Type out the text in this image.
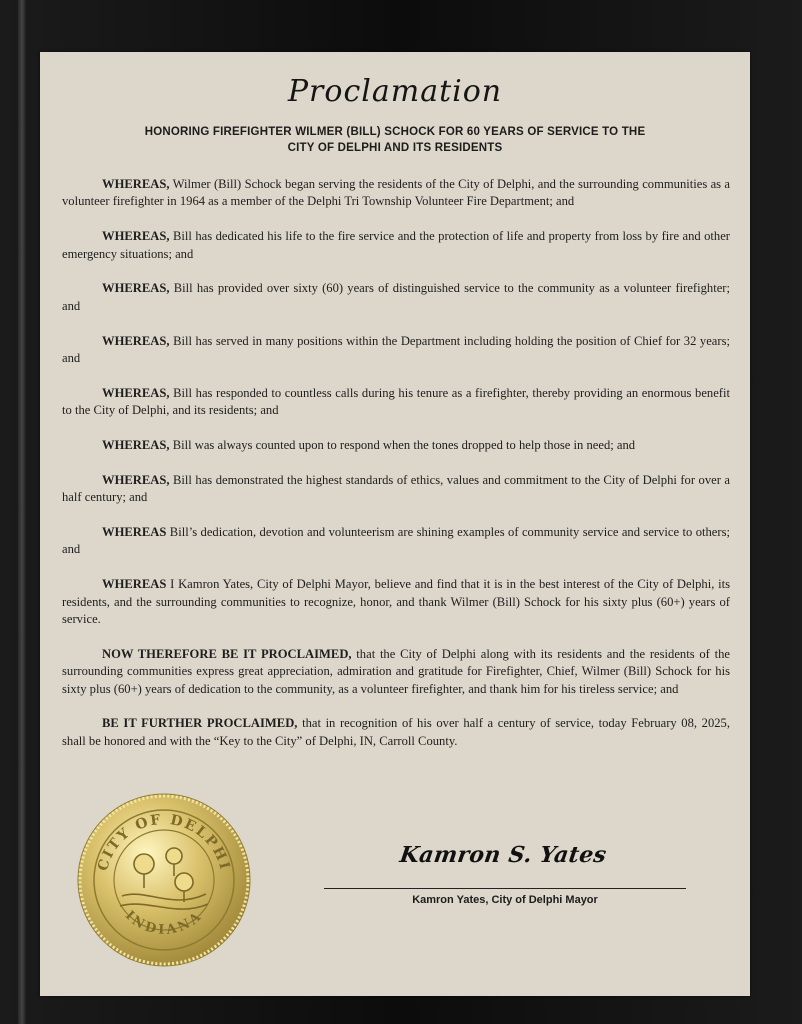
Proclamation
HONORING FIREFIGHTER WILMER (BILL) SCHOCK FOR 60 YEARS OF SERVICE TO THE
CITY OF DELPHI AND ITS RESIDENTS

WHEREAS, Wilmer (Bill) Schock began serving the residents of the City of Delphi, and the surrounding communities as a volunteer firefighter in 1964 as a member of the Delphi Tri Township Volunteer Fire Department; and

WHEREAS, Bill has dedicated his life to the fire service and the protection of life and property from loss by fire and other emergency situations; and

WHEREAS, Bill has provided over sixty (60) years of distinguished service to the community as a volunteer firefighter; and

WHEREAS, Bill has served in many positions within the Department including holding the position of Chief for 32 years; and

WHEREAS, Bill has responded to countless calls during his tenure as a firefighter, thereby providing an enormous benefit to the City of Delphi, and its residents; and

WHEREAS, Bill was always counted upon to respond when the tones dropped to help those in need; and

WHEREAS, Bill has demonstrated the highest standards of ethics, values and commitment to the City of Delphi for over a half century; and

WHEREAS Bill’s dedication, devotion and volunteerism are shining examples of community service and service to others; and

WHEREAS I Kamron Yates, City of Delphi Mayor, believe and find that it is in the best interest of the City of Delphi, its residents, and the surrounding communities to recognize, honor, and thank Wilmer (Bill) Schock for his sixty plus (60+) years of service.

NOW THEREFORE BE IT PROCLAIMED, that the City of Delphi along with its residents and the residents of the surrounding communities express great appreciation, admiration and gratitude for Firefighter, Chief, Wilmer (Bill) Schock for his sixty plus (60+) years of dedication to the community, as a volunteer firefighter, and thank him for his tireless service; and

BE IT FURTHER PROCLAIMED, that in recognition of his over half a century of service, today February 08, 2025, shall be honored and with the “Key to the City” of Delphi, IN, Carroll County.

CITY OF DELPHI
INDIANA
Kamron S. Yates
Kamron Yates, City of Delphi Mayor
